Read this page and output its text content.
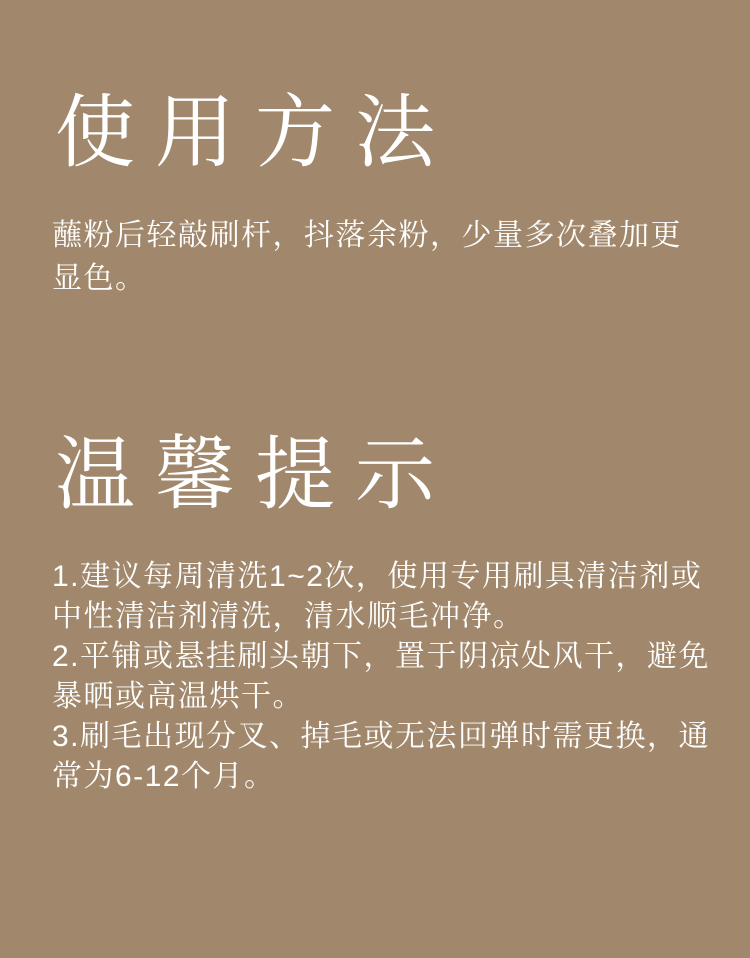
使用方法

蘸粉后轻敲刷杆，抖落余粉，少量多次叠加更显色。

温馨提示
1.建议每周清洗1~2次，使用专用刷具清洁剂或中性清洁剂清洗，清水顺毛冲净。
2.平铺或悬挂刷头朝下，置于阴凉处风干，避免暴晒或高温烘干。
3.刷毛出现分叉、掉毛或无法回弹时需更换，通常为6-12个月。
